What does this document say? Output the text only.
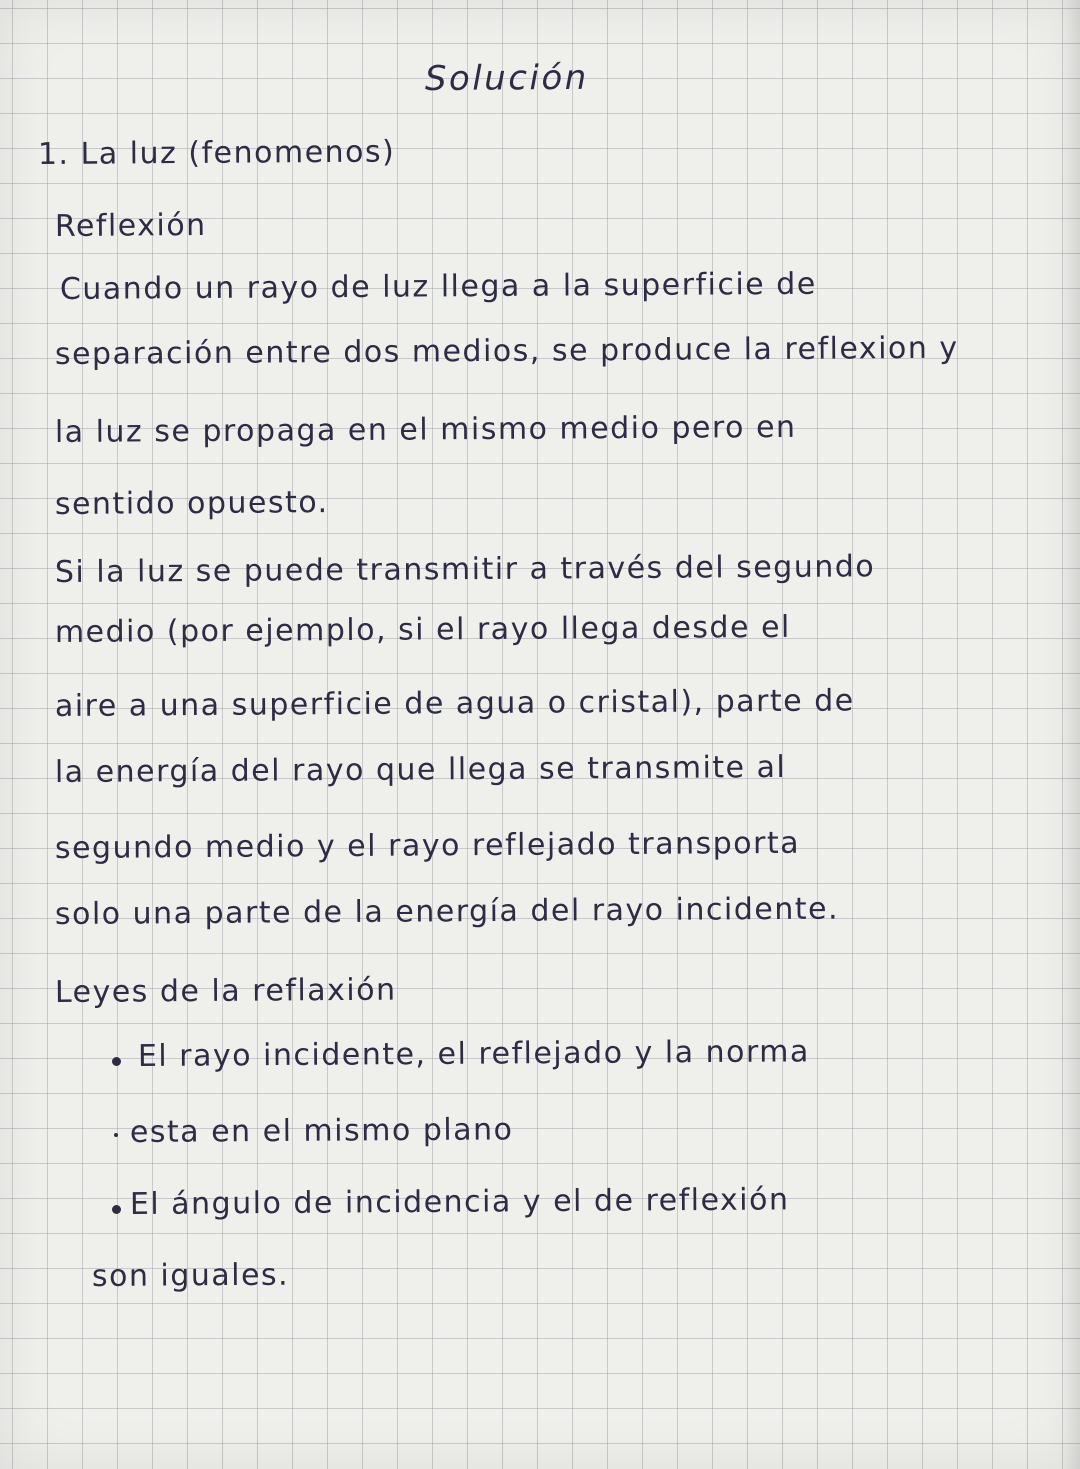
Solución
1. La luz (fenomenos)
Reflexión
Cuando un rayo de luz llega a la superficie de
separación entre dos medios, se produce la reflexion y
la luz se propaga en el mismo medio pero en
sentido opuesto.
Si la luz se puede transmitir a través del segundo
medio (por ejemplo, si el rayo llega desde el
aire a una superficie de agua o cristal), parte de
la energía del rayo que llega se transmite al
segundo medio y el rayo reflejado transporta
solo una parte de la energía del rayo incidente.
Leyes de la reflaxión
El rayo incidente, el reflejado y la norma
esta en el mismo plano
El ángulo de incidencia y el de reflexión
son iguales.
